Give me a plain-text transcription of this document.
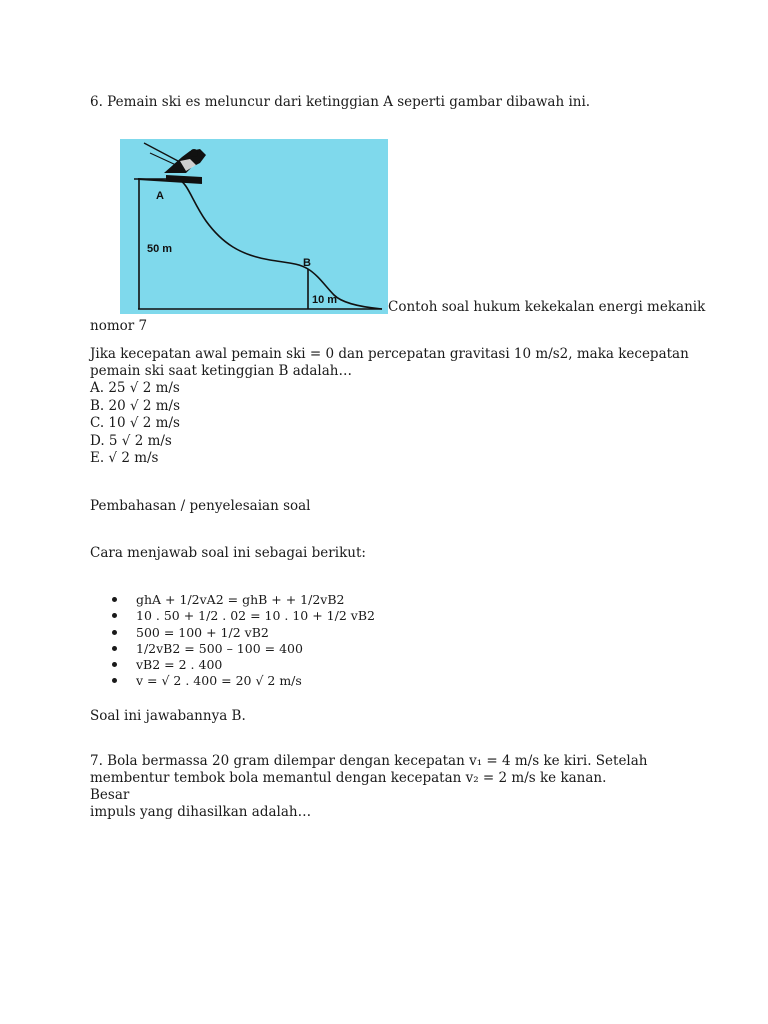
6. Pemain ski es meluncur dari ketinggian A seperti gambar dibawah ini.
A
50 m
B
10 m	Contoh soal hukum kekekalan energi mekanik
nomor 7

Jika kecepatan awal pemain ski = 0 dan percepatan gravitasi 10 m/s2, maka kecepatan

pemain ski saat ketinggian B adalah…

A. 25 √ 2 m/s
B. 20 √ 2 m/s
C. 10 √ 2 m/s
D. 5 √ 2 m/s
E. √ 2 m/s
Pembahasan / penyelesaian soal
Cara menjawab soal ini sebagai berikut:
ghA + 1/2vA2 = ghB + + 1/2vB2
10 . 50 + 1/2 . 02 = 10 . 10 + 1/2 vB2
500 = 100 + 1/2 vB2
1/2vB2 = 500 – 100 = 400
vB2 = 2 . 400
v = √ 2 . 400 = 20 √ 2 m/s
Soal ini jawabannya B.
7. Bola bermassa 20 gram dilempar dengan kecepatan v₁ = 4 m/s ke kiri. Setelah
membentur tembok bola memantul dengan kecepatan v₂ = 2 m/s ke kanan. Besar
impuls yang dihasilkan adalah…
